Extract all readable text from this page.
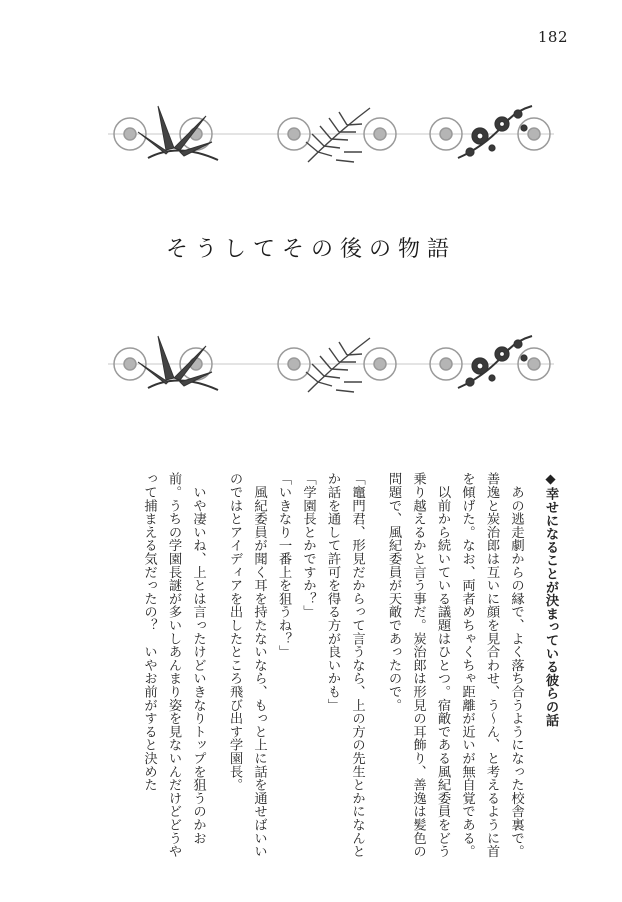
182
そうしてその後の物語

◆幸せになることが決まっている彼らの話

　あの逃走劇からの縁で、よく落ち合うようになった校舎裏で。善逸と炭治郎は互いに顔を見合わせ、う～ん、と考えるように首を傾げた。なお、両者めちゃくちゃ距離が近いが無自覚である。

　以前から続いている議題はひとつ。宿敵である風紀委員をどう乗り越えるかと言う事だ。炭治郎は形見の耳飾り、善逸は髪色の問題で、風紀委員が天敵であったので。

「竈門君、形見だからって言うなら、上の方の先生とかになんとか話を通して許可を得る方が良いかも」

「学園長とかですか？」

「いきなり一番上を狙うね？」

　風紀委員が聞く耳を持たないなら、もっと上に話を通せばいいのではとアイディアを出したところ飛び出す学園長。

　いや凄いね、上とは言ったけどいきなりトップを狙うのかお前。うちの学園長謎が多いしあんまり姿を見ないんだけどどうやって捕まえる気だったの？　いやお前がすると決めた
